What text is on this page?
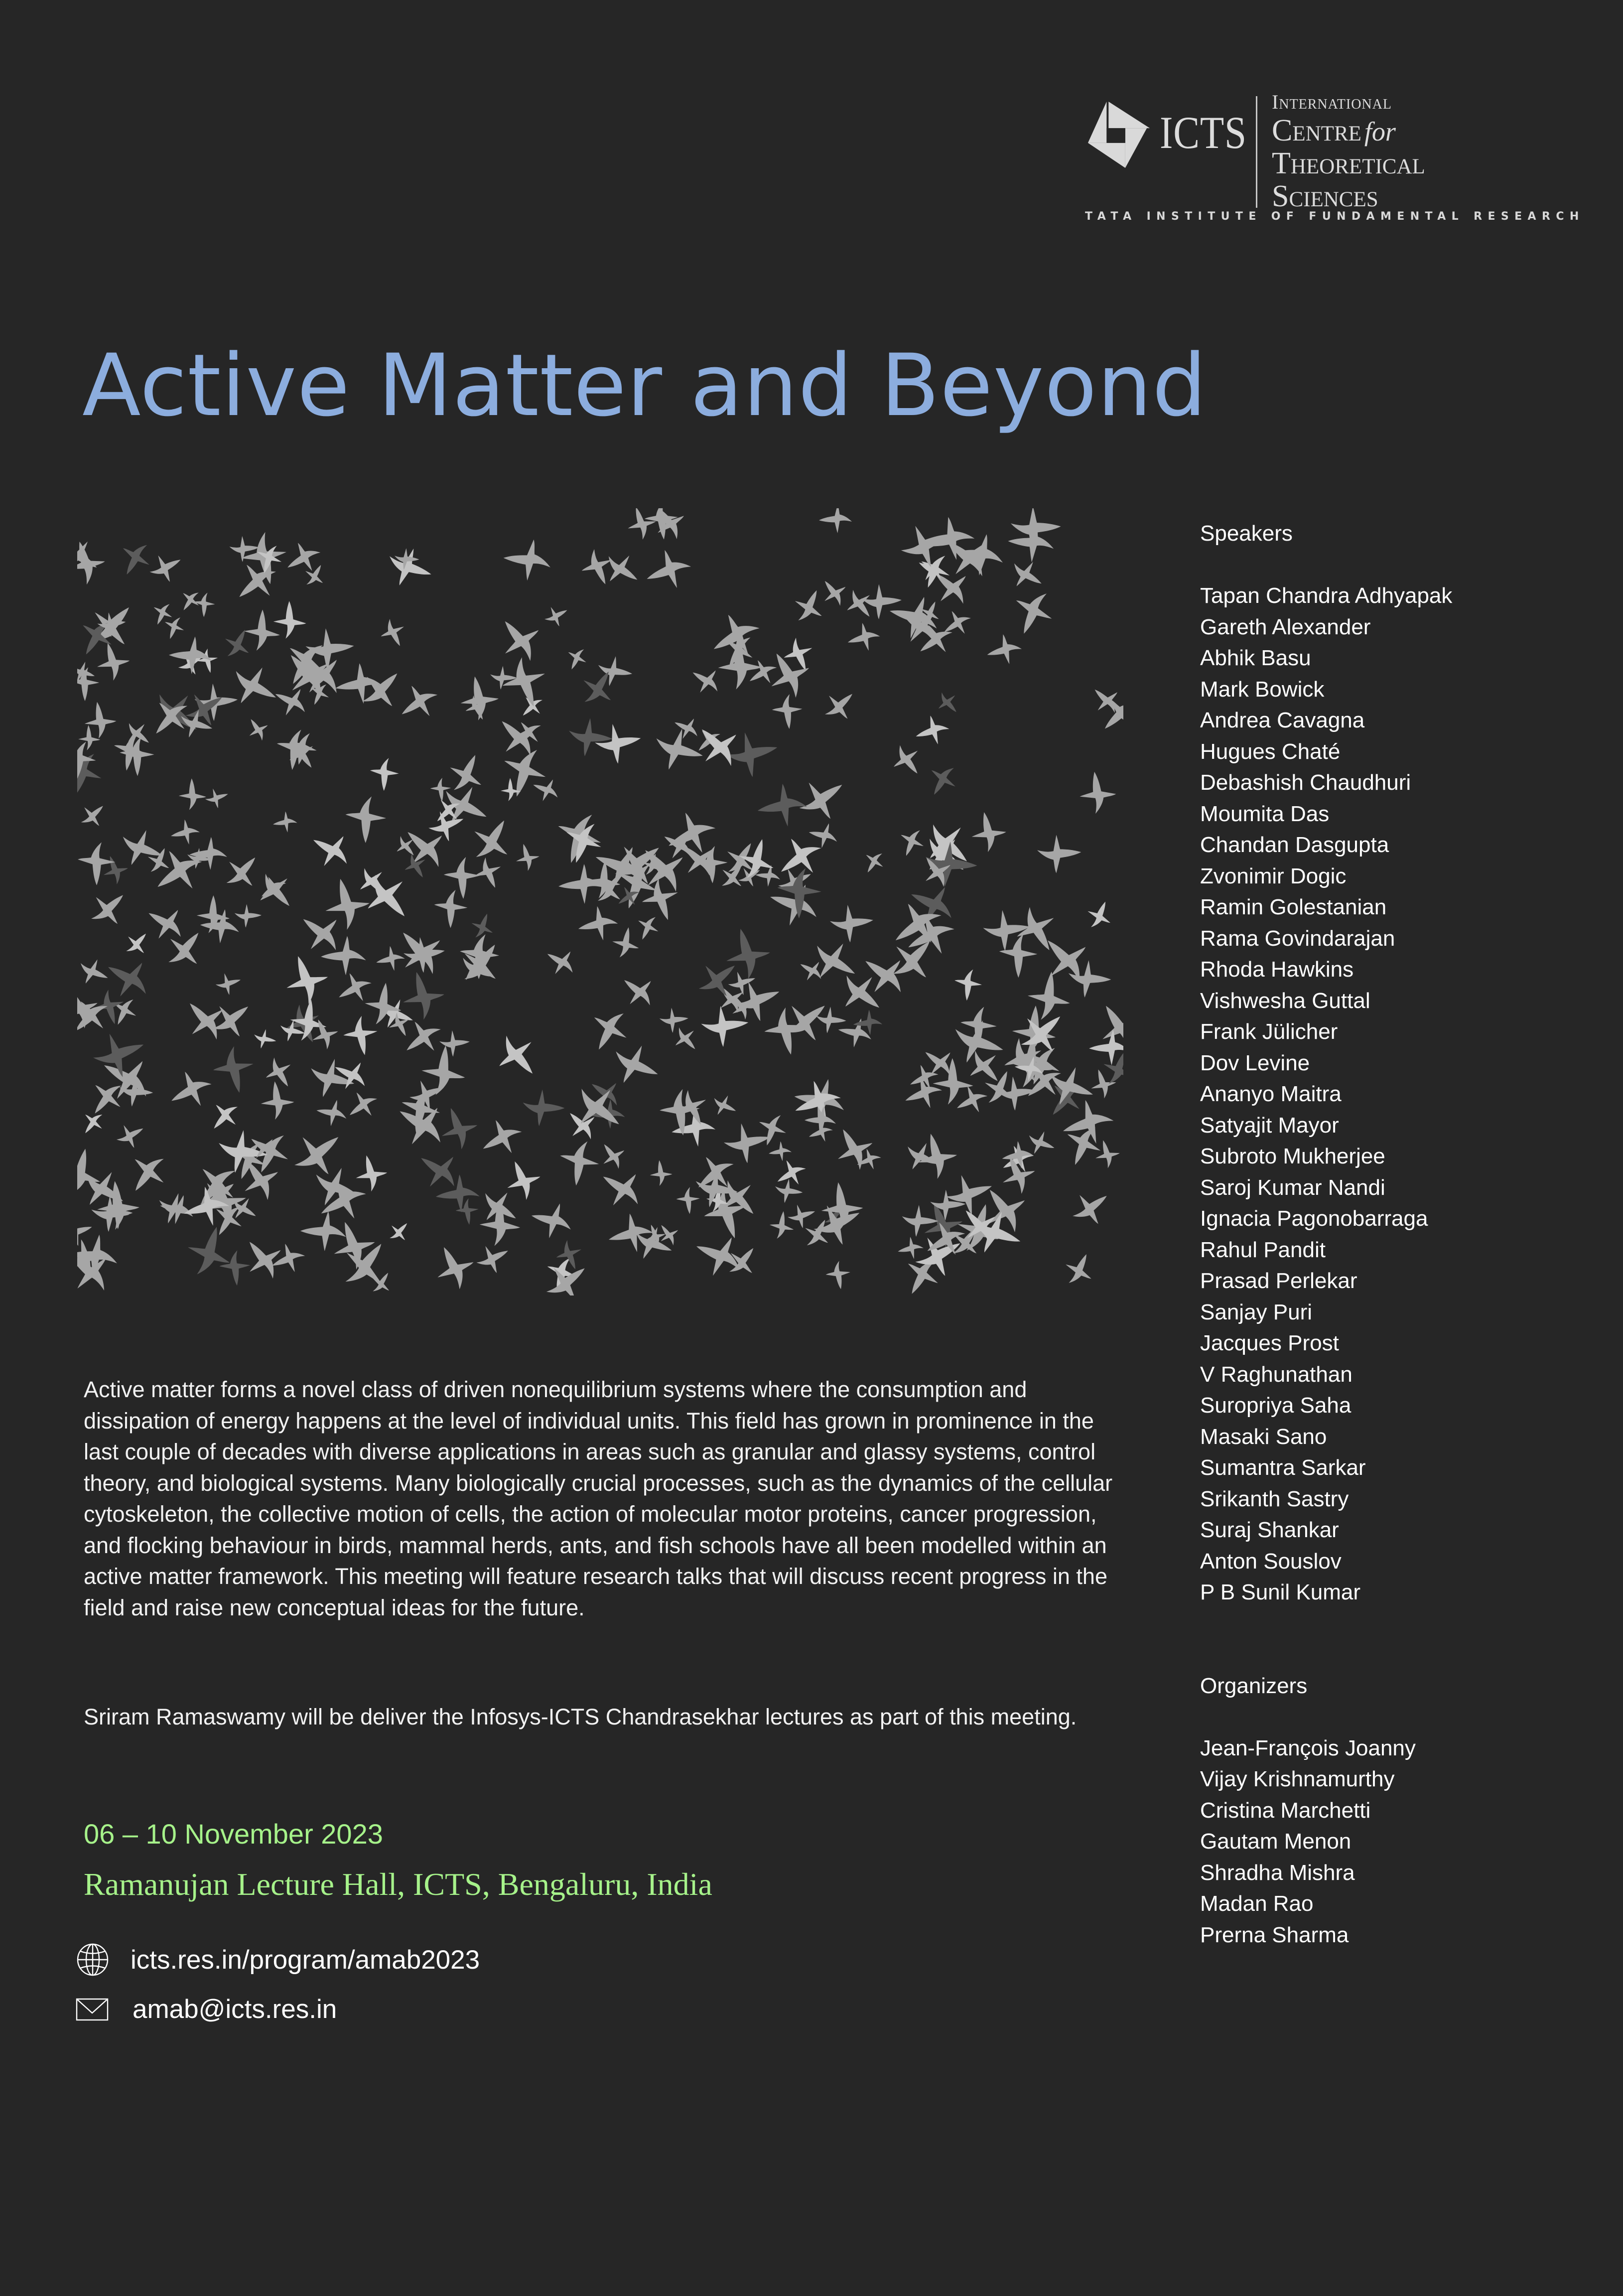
ICTS
International
Centre for
Theoretical
Sciences
TATA INSTITUTE OF FUNDAMENTAL RESEARCH
Active Matter and Beyond

Active matter forms a novel class of driven nonequilibrium systems where the consumption and dissipation of energy happens at the level of individual units. This field has grown in prominence in the last couple of decades with diverse applications in areas such as granular and glassy systems, control theory, and biological systems. Many biologically crucial processes, such as the dynamics of the cellular cytoskeleton, the collective motion of cells, the action of molecular motor proteins, cancer progression, and flocking behaviour in birds, mammal herds, ants, and fish schools have all been modelled within an active matter framework. This meeting will feature research talks that will discuss recent progress in the field and raise new conceptual ideas for the future.

Sriram Ramaswamy will be deliver the Infosys-ICTS Chandrasekhar lectures as part of this meeting.

06 – 10 November 2023
Ramanujan Lecture Hall, ICTS, Bengaluru, India
icts.res.in/program/amab2023
amab@icts.res.in
Speakers
Tapan Chandra Adhyapak
Gareth Alexander
Abhik Basu
Mark Bowick
Andrea Cavagna
Hugues Chaté
Debashish Chaudhuri
Moumita Das
Chandan Dasgupta
Zvonimir Dogic
Ramin Golestanian
Rama Govindarajan
Rhoda Hawkins
Vishwesha Guttal
Frank Jülicher
Dov Levine
Ananyo Maitra
Satyajit Mayor
Subroto Mukherjee
Saroj Kumar Nandi
Ignacia Pagonobarraga
Rahul Pandit
Prasad Perlekar
Sanjay Puri
Jacques Prost
V Raghunathan
Suropriya Saha
Masaki Sano
Sumantra Sarkar
Srikanth Sastry
Suraj Shankar
Anton Souslov
P B Sunil Kumar
Organizers
Jean-François Joanny
Vijay Krishnamurthy
Cristina Marchetti
Gautam Menon
Shradha Mishra
Madan Rao
Prerna Sharma
